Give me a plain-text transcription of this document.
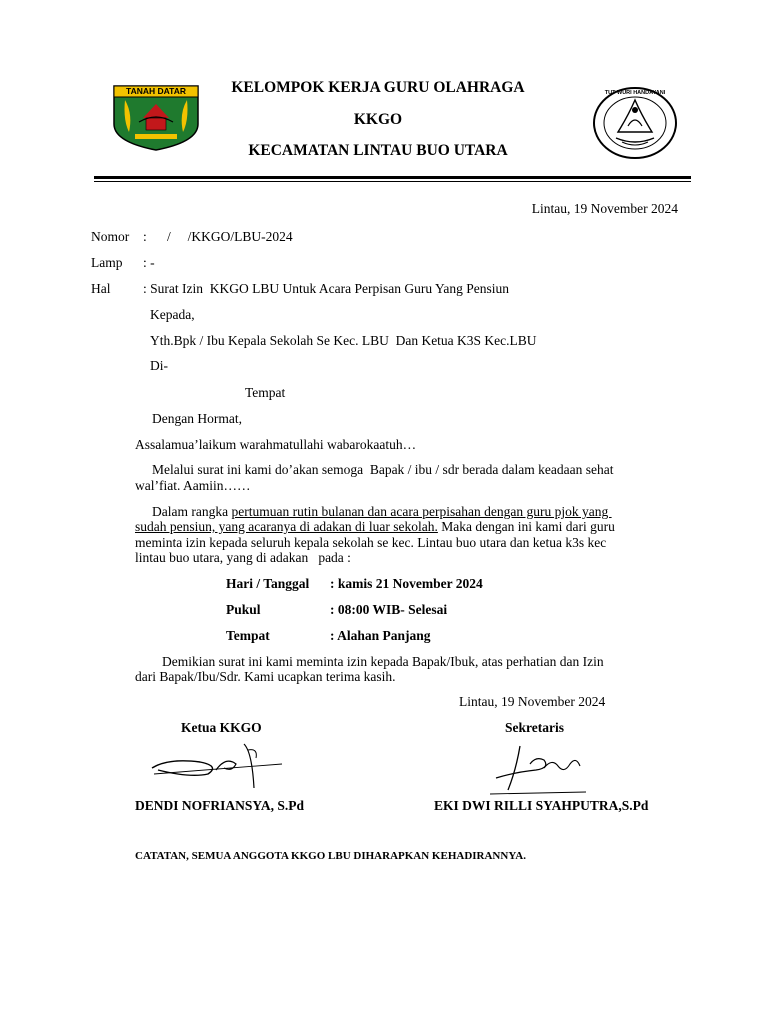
TANAH DATAR	TUT WURI HANDAYANI
KELOMPOK KERJA GURU OLAHRAGA
KKGO
KECAMATAN LINTAU BUO UTARA
Lintau, 19 November 2024
Nomor :      /     /KKGO/LBU-2024
Lamp : -
Hal : Surat Izin  KKGO LBU Untuk Acara Perpisan Guru Yang Pensiun
Kepada,
Yth.Bpk / Ibu Kepala Sekolah Se Kec. LBU  Dan Ketua K3S Kec.LBU
Di-
Tempat
Dengan Hormat,
Assalamua’laikum warahmatullahi wabarokaatuh…
Melalui surat ini kami do’akan semoga  Bapak / ibu / sdr berada dalam keadaan sehat
wal’fiat. Aamiin……
Dalam rangka pertumuan rutin bulanan dan acara perpisahan dengan guru pjok yang
sudah pensiun, yang acaranya di adakan di luar sekolah. Maka dengan ini kami dari guru
meminta izin kepada seluruh kepala sekolah se kec. Lintau buo utara dan ketua k3s kec
lintau buo utara, yang di adakan   pada :
Hari / Tanggal : kamis 21 November 2024
Pukul	: 08:00 WIB- Selesai
Tempat	: Alahan Panjang
Demikian surat ini kami meminta izin kepada Bapak/Ibuk, atas perhatian dan Izin
dari Bapak/Ibu/Sdr. Kami ucapkan terima kasih.
Lintau, 19 November 2024
Ketua KKGO	Sekretaris
DENDI NOFRIANSYA, S.Pd	EKI DWI RILLI SYAHPUTRA,S.Pd
CATATAN, SEMUA ANGGOTA KKGO LBU DIHARAPKAN KEHADIRANNYA.
